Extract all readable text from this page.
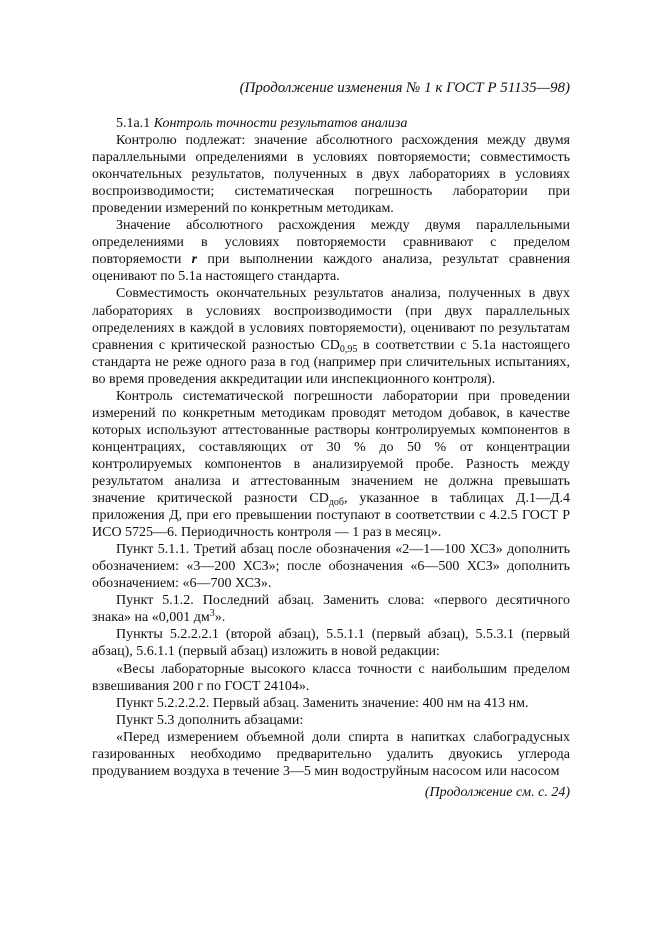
(Продолжение изменения № 1 к ГОСТ Р 51135—98)

5.1а.1 Контроль точности результатов анализа

Контролю подлежат: значение абсолютного расхождения между двумя параллельными определениями в условиях повторяемости; совместимость окончательных результатов, полученных в двух лабораториях в условиях воспроизводимости; систематическая погрешность лаборатории при проведении измерений по конкретным методикам.

Значение абсолютного расхождения между двумя параллельными определениями в условиях повторяемости сравнивают с пределом повторяемости r при выполнении каждого анализа, результат сравнения оценивают по 5.1а настоящего стандарта.

Совместимость окончательных результатов анализа, полученных в двух лабораториях в условиях воспроизводимости (при двух параллельных определениях в каждой в условиях повторяемости), оценивают по результатам сравнения с критической разностью $CD_{0,95}$ в соответствии с 5.1а настоящего стандарта не реже одного раза в год (например при сличительных испытаниях, во время проведения аккредитации или инспекционного контроля).

Контроль систематической погрешности лаборатории при проведении измерений по конкретным методикам проводят методом добавок, в качестве которых используют аттестованные растворы контролируемых компонентов в концентрациях, составляющих от 30 % до 50 % от концентрации контролируемых компонентов в анализируемой пробе. Разность между результатом анализа и аттестованным значением не должна превышать значение критической разности $CD_{доб}$, указанное в таблицах Д.1—Д.4 приложения Д, при его превышении поступают в соответствии с 4.2.5 ГОСТ Р ИСО 5725—6. Периодичность контроля — 1 раз в месяц».

Пункт 5.1.1. Третий абзац после обозначения «2—1—100 ХСЗ» дополнить обозначением: «3—200 ХСЗ»; после обозначения «6—500 ХСЗ» дополнить обозначением: «6—700 ХСЗ».

Пункт 5.1.2. Последний абзац. Заменить слова: «первого десятичного знака» на «0,001 $дм^3$».

Пункты 5.2.2.2.1 (второй абзац), 5.5.1.1 (первый абзац), 5.5.3.1 (первый абзац), 5.6.1.1 (первый абзац) изложить в новой редакции:

«Весы лабораторные высокого класса точности с наибольшим пределом взвешивания 200 г по ГОСТ 24104».

Пункт 5.2.2.2.2. Первый абзац. Заменить значение: 400 нм на 413 нм.

Пункт 5.3 дополнить абзацами:

«Перед измерением объемной доли спирта в напитках слабоградусных газированных необходимо предварительно удалить двуокись углерода продуванием воздуха в течение 3—5 мин водоструйным насосом или насосом

(Продолжение см. с. 24)
